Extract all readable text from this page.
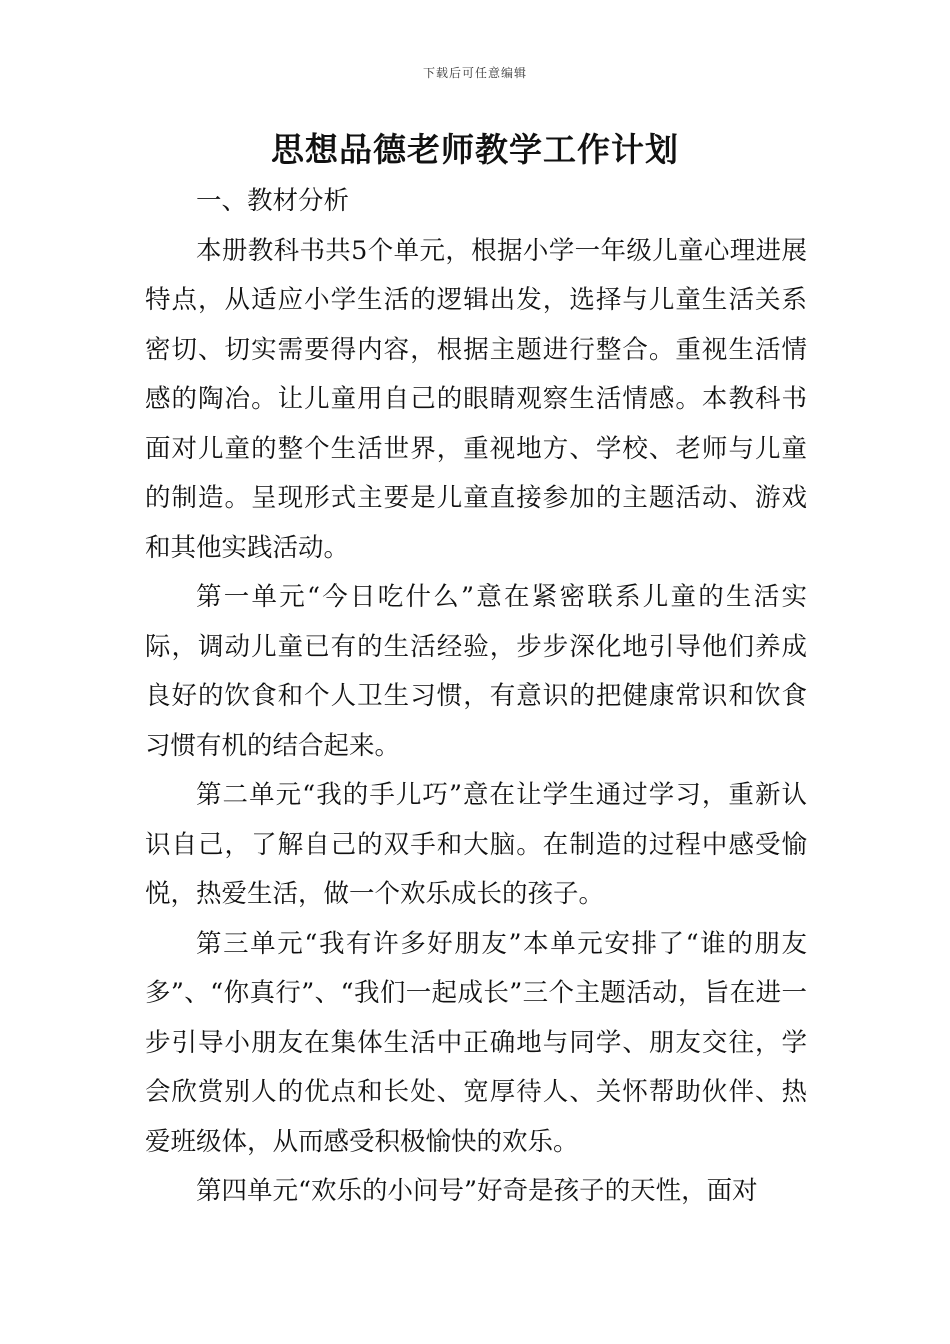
下载后可任意编辑
思想品德老师教学工作计划

一、教材分析

本册教科书共5个单元，根据小学一年级儿童心理进展特点，从适应小学生活的逻辑出发，选择与儿童生活关系密切、切实需要得内容，根据主题进行整合。重视生活情感的陶冶。让儿童用自己的眼睛观察生活情感。本教科书面对儿童的整个生活世界，重视地方、学校、老师与儿童的制造。呈现形式主要是儿童直接参加的主题活动、游戏和其他实践活动。

第一单元“今日吃什么”意在紧密联系儿童的生活实际，调动儿童已有的生活经验，步步深化地引导他们养成良好的饮食和个人卫生习惯，有意识的把健康常识和饮食习惯有机的结合起来。

第二单元“我的手儿巧”意在让学生通过学习，重新认识自己，了解自己的双手和大脑。在制造的过程中感受愉悦，热爱生活，做一个欢乐成长的孩子。

第三单元“我有许多好朋友”本单元安排了“谁的朋友多”、“你真行”、“我们一起成长”三个主题活动，旨在进一步引导小朋友在集体生活中正确地与同学、朋友交往，学会欣赏别人的优点和长处、宽厚待人、关怀帮助伙伴、热爱班级体，从而感受积极愉快的欢乐。

第四单元“欢乐的小问号”好奇是孩子的天性，面对
